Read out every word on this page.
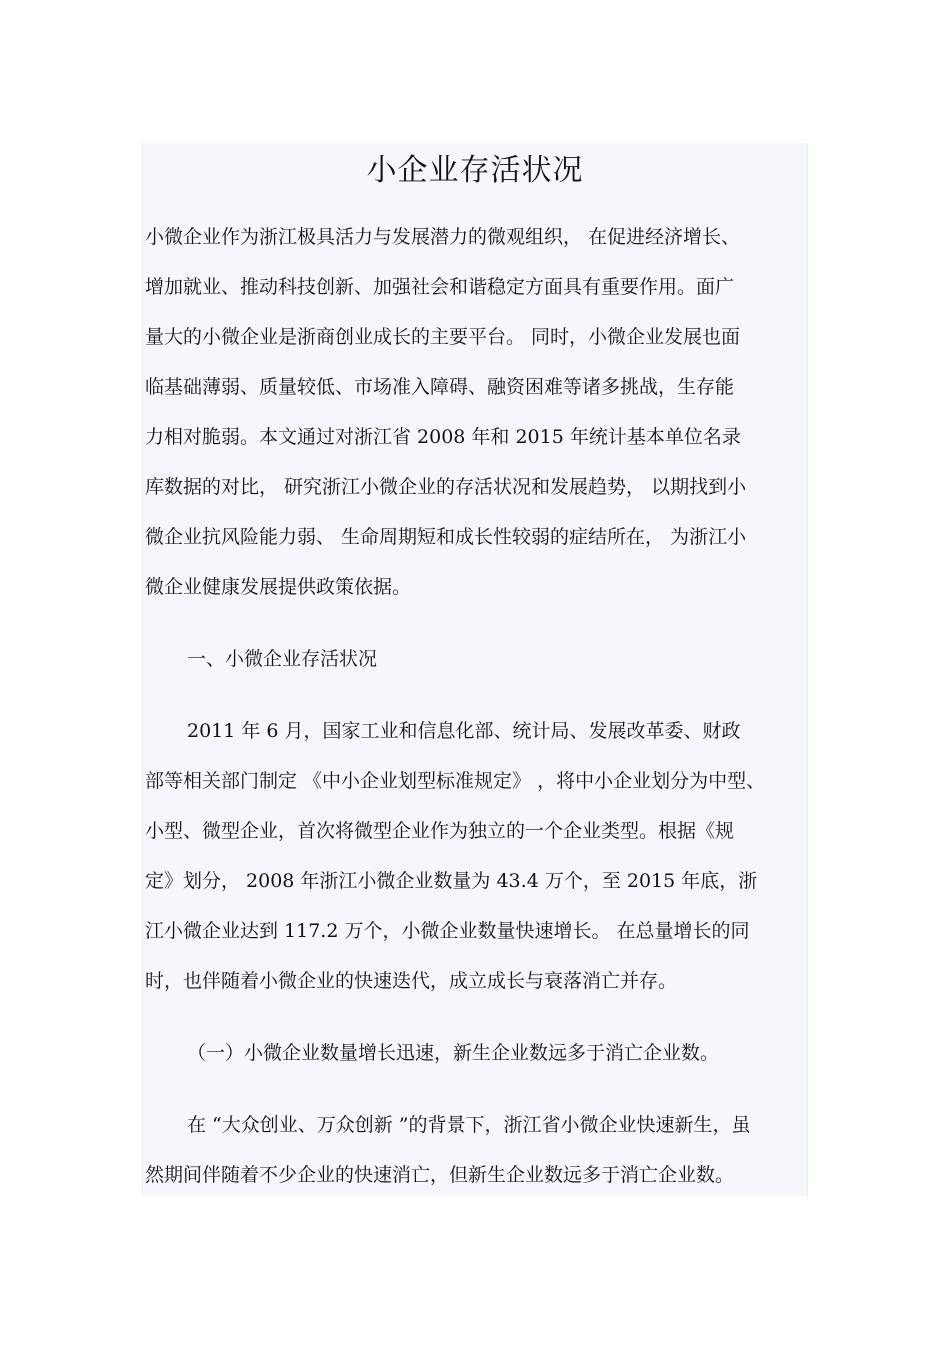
小企业存活状况

小微企业作为浙江极具活力与发展潜力的微观组织， 在促进经济增长、

增加就业、推动科技创新、加强社会和谐稳定方面具有重要作用。面广

量大的小微企业是浙商创业成长的主要平台。 同时，小微企业发展也面

临基础薄弱、质量较低、市场准入障碍、融资困难等诸多挑战，生存能

力相对脆弱。本文通过对浙江省 2008 年和 2015 年统计基本单位名录

库数据的对比， 研究浙江小微企业的存活状况和发展趋势， 以期找到小

微企业抗风险能力弱、 生命周期短和成长性较弱的症结所在， 为浙江小

微企业健康发展提供政策依据。

一、小微企业存活状况

2011 年 6 月，国家工业和信息化部、统计局、发展改革委、财政

部等相关部门制定 《中小企业划型标准规定》 ，将中小企业划分为中型、

小型、微型企业，首次将微型企业作为独立的一个企业类型。根据《规

定》划分， 2008 年浙江小微企业数量为 43.4 万个，至 2015 年底，浙

江小微企业达到 117.2 万个，小微企业数量快速增长。 在总量增长的同

时，也伴随着小微企业的快速迭代，成立成长与衰落消亡并存。

（一）小微企业数量增长迅速，新生企业数远多于消亡企业数。

在 “大众创业、万众创新 ”的背景下，浙江省小微企业快速新生，虽

然期间伴随着不少企业的快速消亡，但新生企业数远多于消亡企业数。
